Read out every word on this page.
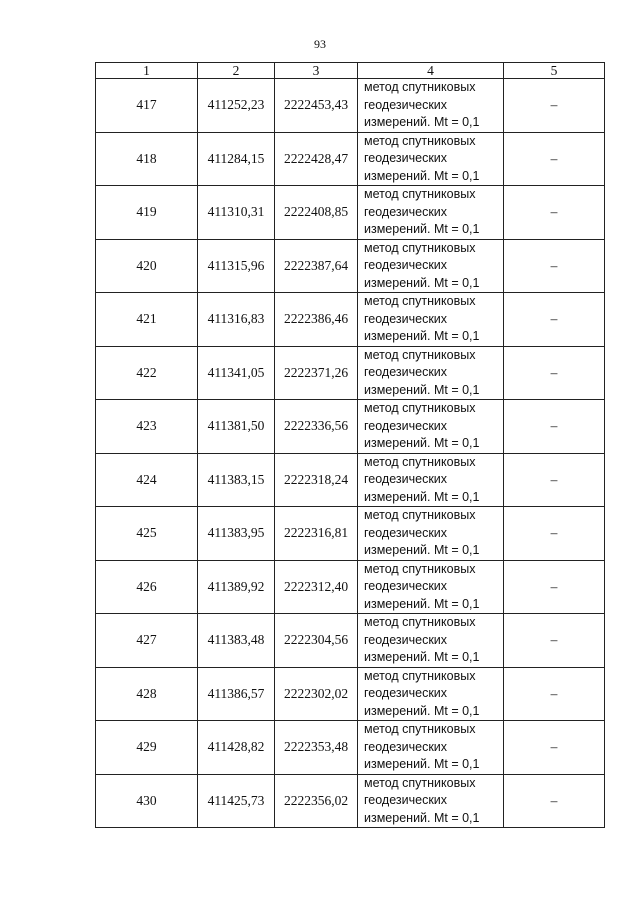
93
1	2	3	4	5
417	411252,23	2222453,43	метод спутниковых
геодезических
измерений. Mt = 0,1	–
418	411284,15	2222428,47	метод спутниковых
геодезических
измерений. Mt = 0,1	–
419	411310,31	2222408,85	метод спутниковых
геодезических
измерений. Mt = 0,1	–
420	411315,96	2222387,64	метод спутниковых
геодезических
измерений. Mt = 0,1	–
421	411316,83	2222386,46	метод спутниковых
геодезических
измерений. Mt = 0,1	–
422	411341,05	2222371,26	метод спутниковых
геодезических
измерений. Mt = 0,1	–
423	411381,50	2222336,56	метод спутниковых
геодезических
измерений. Mt = 0,1	–
424	411383,15	2222318,24	метод спутниковых
геодезических
измерений. Mt = 0,1	–
425	411383,95	2222316,81	метод спутниковых
геодезических
измерений. Mt = 0,1	–
426	411389,92	2222312,40	метод спутниковых
геодезических
измерений. Mt = 0,1	–
427	411383,48	2222304,56	метод спутниковых
геодезических
измерений. Mt = 0,1	–
428	411386,57	2222302,02	метод спутниковых
геодезических
измерений. Mt = 0,1	–
429	411428,82	2222353,48	метод спутниковых
геодезических
измерений. Mt = 0,1	–
430	411425,73	2222356,02	метод спутниковых
геодезических
измерений. Mt = 0,1	–
